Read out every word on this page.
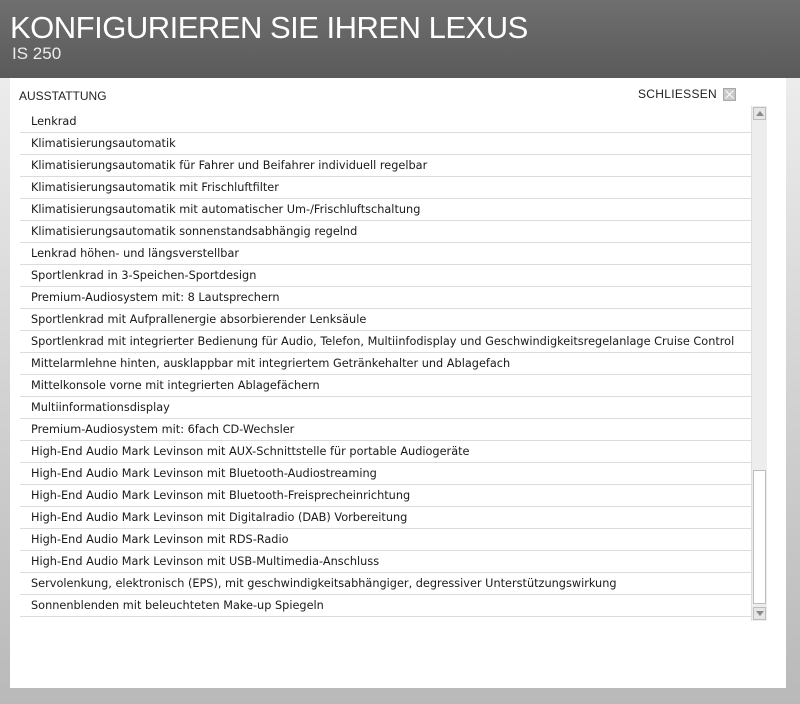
KONFIGURIEREN SIE IHREN LEXUS
IS 250
AUSSTATTUNG	SCHLIESSEN
Lenkrad
Klimatisierungsautomatik
Klimatisierungsautomatik für Fahrer und Beifahrer individuell regelbar
Klimatisierungsautomatik mit Frischluftfilter
Klimatisierungsautomatik mit automatischer Um-/Frischluftschaltung
Klimatisierungsautomatik sonnenstandsabhängig regelnd
Lenkrad höhen- und längsverstellbar
Sportlenkrad in 3-Speichen-Sportdesign
Premium-Audiosystem mit: 8 Lautsprechern
Sportlenkrad mit Aufprallenergie absorbierender Lenksäule
Sportlenkrad mit integrierter Bedienung für Audio, Telefon, Multiinfodisplay und Geschwindigkeitsregelanlage Cruise Control
Mittelarmlehne hinten, ausklappbar mit integriertem Getränkehalter und Ablagefach
Mittelkonsole vorne mit integrierten Ablagefächern
Multiinformationsdisplay
Premium-Audiosystem mit: 6fach CD-Wechsler
High-End Audio Mark Levinson mit AUX-Schnittstelle für portable Audiogeräte
High-End Audio Mark Levinson mit Bluetooth-Audiostreaming
High-End Audio Mark Levinson mit Bluetooth-Freisprecheinrichtung
High-End Audio Mark Levinson mit Digitalradio (DAB) Vorbereitung
High-End Audio Mark Levinson mit RDS-Radio
High-End Audio Mark Levinson mit USB-Multimedia-Anschluss
Servolenkung, elektronisch (EPS), mit geschwindigkeitsabhängiger, degressiver Unterstützungswirkung
Sonnenblenden mit beleuchteten Make-up Spiegeln
